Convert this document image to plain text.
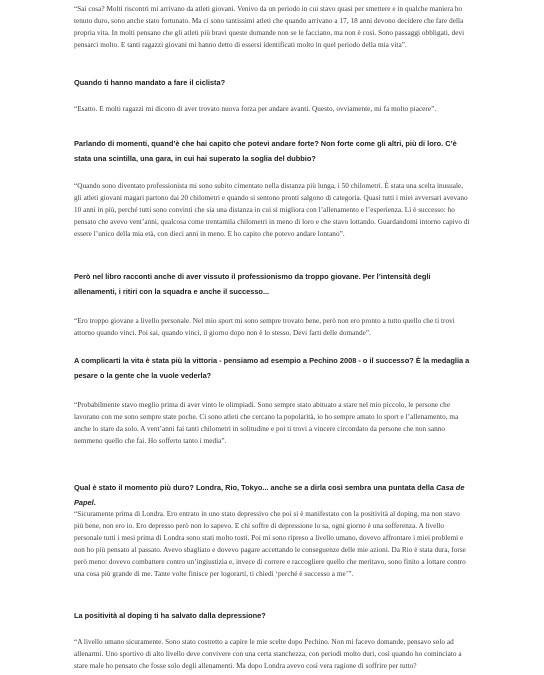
“Sai cosa? Molti riscontri mi arrivano da atleti giovani. Venivo da un periodo in cui stavo quasi per smettere e in qualche maniera ho tenuto duro, sono anche stato fortunato. Ma ci sono tantissimi atleti che quando arrivano a 17, 18 anni devono decidere che fare della propria vita. In molti pensano che gli atleti più bravi queste domande non se le facciano, ma non è così. Sono passaggi obbligati, devi pensarci molto. E tanti ragazzi giovani mi hanno detto di essersi identificati molto in quel periodo della mia vita”.

Quando ti hanno mandato a fare il ciclista?

“Esatto. E molti ragazzi mi dicono di aver trovato nuova forza per andare avanti. Questo, ovviamente, mi fa molto piacere”.

Parlando di momenti, quand’è che hai capito che potevi andare forte? Non forte come gli altri, più di loro. C’è stata una scintilla, una gara, in cui hai superato la soglia del dubbio?

“Quando sono diventato professionista mi sono subito cimentato nella distanza più lunga, i 50 chilometri. È stata una scelta inusuale, gli atleti giovani magari partono dai 20 chilometri e quando si sentono pronti salgono di categoria. Quasi tutti i miei avversari avevano 10 anni in più, perché tutti sono convinti che sia una distanza in cui si migliora con l’allenamento e l’esperienza. Lì è successo: ho pensato che avevo vent’anni, qualcosa come trentamila chilometri in meno di loro e che stavo lottando. Guardandomi intorno capivo di essere l’unico della mia età, con dieci anni in meno. E ho capito che potevo andare lontano”.

Però nel libro racconti anche di aver vissuto il professionismo da troppo giovane. Per l’intensità degli allenamenti, i ritiri con la squadra e anche il successo...

“Ero troppo giovane a livello personale. Nel mio sport mi sono sempre trovato bene, però non ero pronto a tutto quello che ti trovi attorno quando vinci. Poi sai, quando vinci, il giorno dopo non è lo stesso. Devi farti delle domande”.

A complicarti la vita è stata più la vittoria - pensiamo ad esempio a Pechino 2008 - o il successo? È la medaglia a pesare o la gente che la vuole vederla?

“Probabilmente stavo meglio prima di aver vinto le olimpiadi. Sono sempre stato abituato a stare nel mio piccolo, le persone che lavorano con me sono sempre state poche. Ci sono atleti che cercano la popolarità, io ho sempre amato lo sport e l’allenamento, ma anche lo stare da solo. A vent’anni fai tanti chilometri in solitudine e poi ti trovi a vincere circondato da persone che non sanno nemmeno quello che fai. Ho sofferto tanto i media”.

Qual è stato il momento più duro? Londra, Rio, Tokyo... anche se a dirla così sembra una puntata della Casa de Papel.

“Sicuramente prima di Londra. Ero entrato in uno stato depressivo che poi si è manifestato con la positività al doping, ma non stavo più bene, non ero io. Ero depresso però non lo sapevo. E chi soffre di depressione lo sa, ogni giorno è una sofferenza. A livello personale tutti i mesi prima di Londra sono stati molto tosti. Poi mi sono ripreso a livello umano, dovevo affrontare i miei problemi e non ho più pensato al passato. Avevo sbagliato e dovevo pagare accettando le conseguenze delle mie azioni. Da Rio è stata dura, forse però meno: dovevo combattere contro un’ingiustizia e, invece di correre e raccogliere quello che meritavo, sono finito a lottare contro una cosa più grande di me. Tante volte finisce per logorarti, ti chiedi ‘perché è successo a me’”.

La positività al doping ti ha salvato dalla depressione?

“A livello umano sicuramente. Sono stato costretto a capire le mie scelte dopo Pechino. Non mi facevo domande, pensavo solo ad allenarmi. Uno sportivo di alto livello deve convivere con una certa stanchezza, con periodi molto duri, così quando ho cominciato a stare male ho pensato che fosse solo degli allenamenti. Ma dopo Londra avevo così vera ragione di soffrire per tutto?
